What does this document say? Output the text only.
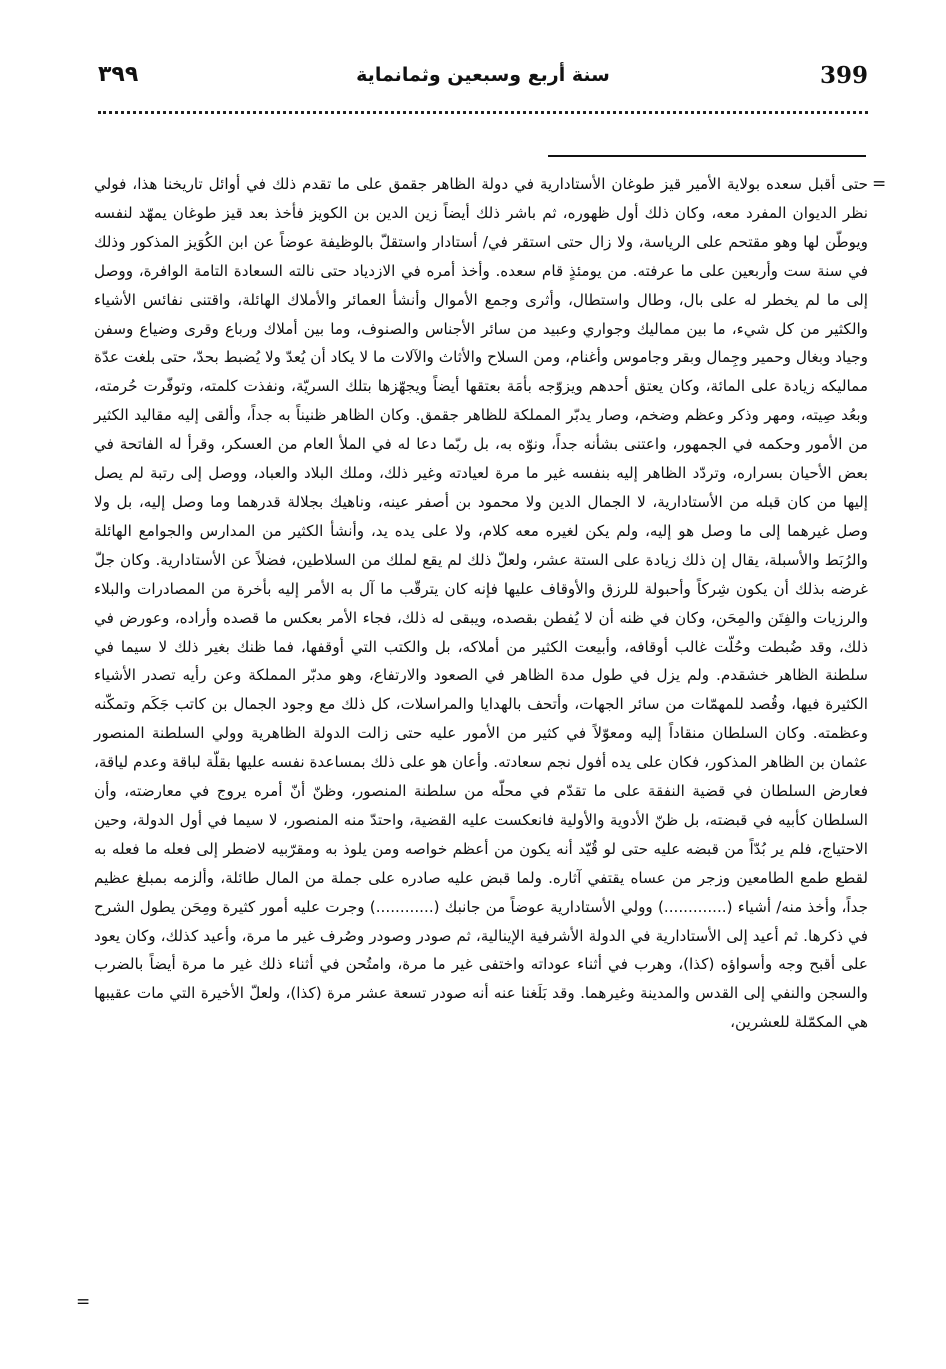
399
سنة أربع وسبعين وثمانماية
٣٩٩
=
=

حتى أقبل سعده بولاية الأمير قيز طوغان الأستادارية في دولة الظاهر جقمق على ما تقدم ذلك في أوائل تاريخنا هذا، فولي نظر الديوان المفرد معه، وكان ذلك أول ظهوره، ثم باشر ذلك أيضاً زين الدين بن الكويز فأخذ بعد قيز طوغان يمهّد لنفسه ويوطّن لها وهو مقتحم على الرياسة، ولا زال حتى استقر في/ أستادار واستقلّ بالوظيفة عوضاً عن ابن الكُوَيز المذكور وذلك في سنة ست وأربعين على ما عرفته. من يومئذٍ قام سعده. وأخذ أمره في الازدياد حتى نالته السعادة التامة الوافرة، ووصل إلى ما لم يخطر له على بال، وطال واستطال، وأثرى وجمع الأموال وأنشأ العمائر والأملاك الهائلة، واقتنى نفائس الأشياء والكثير من كل شيء، ما بين مماليك وجواري وعبيد من سائر الأجناس والصنوف، وما بين أملاك ورباع وقرى وضياع وسفن وجياد وبغال وحمير وجِمال وبقر وجاموس وأغنام، ومن السلاح والأثاث والآلات ما لا يكاد أن يُعدّ ولا يُضبط بحدّ، حتى بلغت عدّة مماليكه زيادة على المائة، وكان يعتق أحدهم ويزوّجه بأمَة بعتقها أيضاً ويجهّزها بتلك السريّة، ونفذت كلمته، وتوفّرت حُرمته، وبعُد صِيته، ومهر وذكر وعظم وضخم، وصار يدبّر المملكة للظاهر جقمق. وكان الظاهر ظنيناً به جداً، وألقى إليه مقاليد الكثير من الأمور وحكمه في الجمهور، واعتنى بشأنه جداً، ونوّه به، بل ربّما دعا له في الملأ العام من العسكر، وقرأ له الفاتحة في بعض الأحيان بسراره، وتردّد الظاهر إليه بنفسه غير ما مرة لعيادته وغير ذلك، وملك البلاد والعباد، ووصل إلى رتبة لم يصل إليها من كان قبله من الأستادارية، لا الجمال الدين ولا محمود بن أصفر عينه، وناهيك بجلالة قدرهما وما وصل إليه، بل ولا وصل غيرهما إلى ما وصل هو إليه، ولم يكن لغيره معه كلام، ولا على يده يد، وأنشأ الكثير من المدارس والجوامع الهائلة والرُبَط والأسبلة، يقال إن ذلك زيادة على الستة عشر، ولعلّ ذلك لم يقع لملك من السلاطين، فضلاً عن الأستادارية. وكان جلّ غرضه بذلك أن يكون شِركاً وأحبولة للرزق والأوقاف عليها فإنه كان يترقّب ما آل به الأمر إليه بأخرة من المصادرات والبلاء والرزيات والفِتَن والمِحَن، وكان في ظنه أن لا يُفطن بقصده، ويبقى له ذلك، فجاء الأمر بعكس ما قصده وأراده، وعورض في ذلك، وقد ضُبطت وحُلّت غالب أوقافه، وأبيعت الكثير من أملاكه، بل والكتب التي أوقفها، فما ظنك بغير ذلك لا سيما في سلطنة الظاهر خشقدم. ولم يزل في طول مدة الظاهر في الصعود والارتفاع، وهو مدبّر المملكة وعن رأيه تصدر الأشياء الكثيرة فيها، وقُصد للمهمّات من سائر الجهات، وأتحف بالهدايا والمراسلات، كل ذلك مع وجود الجمال بن كاتب جَكَم وتمكّنه وعظمته. وكان السلطان منقاداً إليه ومعوّلاً في كثير من الأمور عليه حتى زالت الدولة الظاهرية وولي السلطنة المنصور عثمان بن الظاهر المذكور، فكان على يده أفول نجم سعادته. وأعان هو على ذلك بمساعدة نفسه عليها بقلّة لباقة وعدم لياقة، فعارض السلطان في قضية النفقة على ما تقدّم في محلّه من سلطنة المنصور، وظنّ أنّ أمره يروج في معارضته، وأن السلطان كأبيه في قبضته، بل ظنّ الأدوية والأولية فانعكست عليه القضية، واحتدّ منه المنصور، لا سيما في أول الدولة، وحين الاحتياج، فلم ير بُدّاً من قبضه عليه حتى لو قُيّد أنه يكون من أعظم خواصه ومن يلوذ به ومقرّبيه لاضطر إلى فعله ما فعله به لقطع طمع الطامعين وزجر من عساه يقتفي آثاره. ولما قبض عليه صادره على جملة من المال طائلة، وألزمه بمبلغ عظيم جداً، وأخذ منه/ أشياء (.............) وولي الأستادارية عوضاً من جانبك (............) وجرت عليه أمور كثيرة ومِحَن يطول الشرح في ذكرها. ثم أعيد إلى الأستادارية في الدولة الأشرفية الإينالية، ثم صودر وصودر وصُرف غير ما مرة، وأعيد كذلك، وكان يعود على أقبح وجه وأسواؤه (كذا)، وهرب في أثناء عوداته واختفى غير ما مرة، وامتُحن في أثناء ذلك غير ما مرة أيضاً بالضرب والسجن والنفي إلى القدس والمدينة وغيرهما. وقد بَلَغنا عنه أنه صودر تسعة عشر مرة (كذا)، ولعلّ الأخيرة التي مات عقيبها هي المكمّلة للعشرين،
